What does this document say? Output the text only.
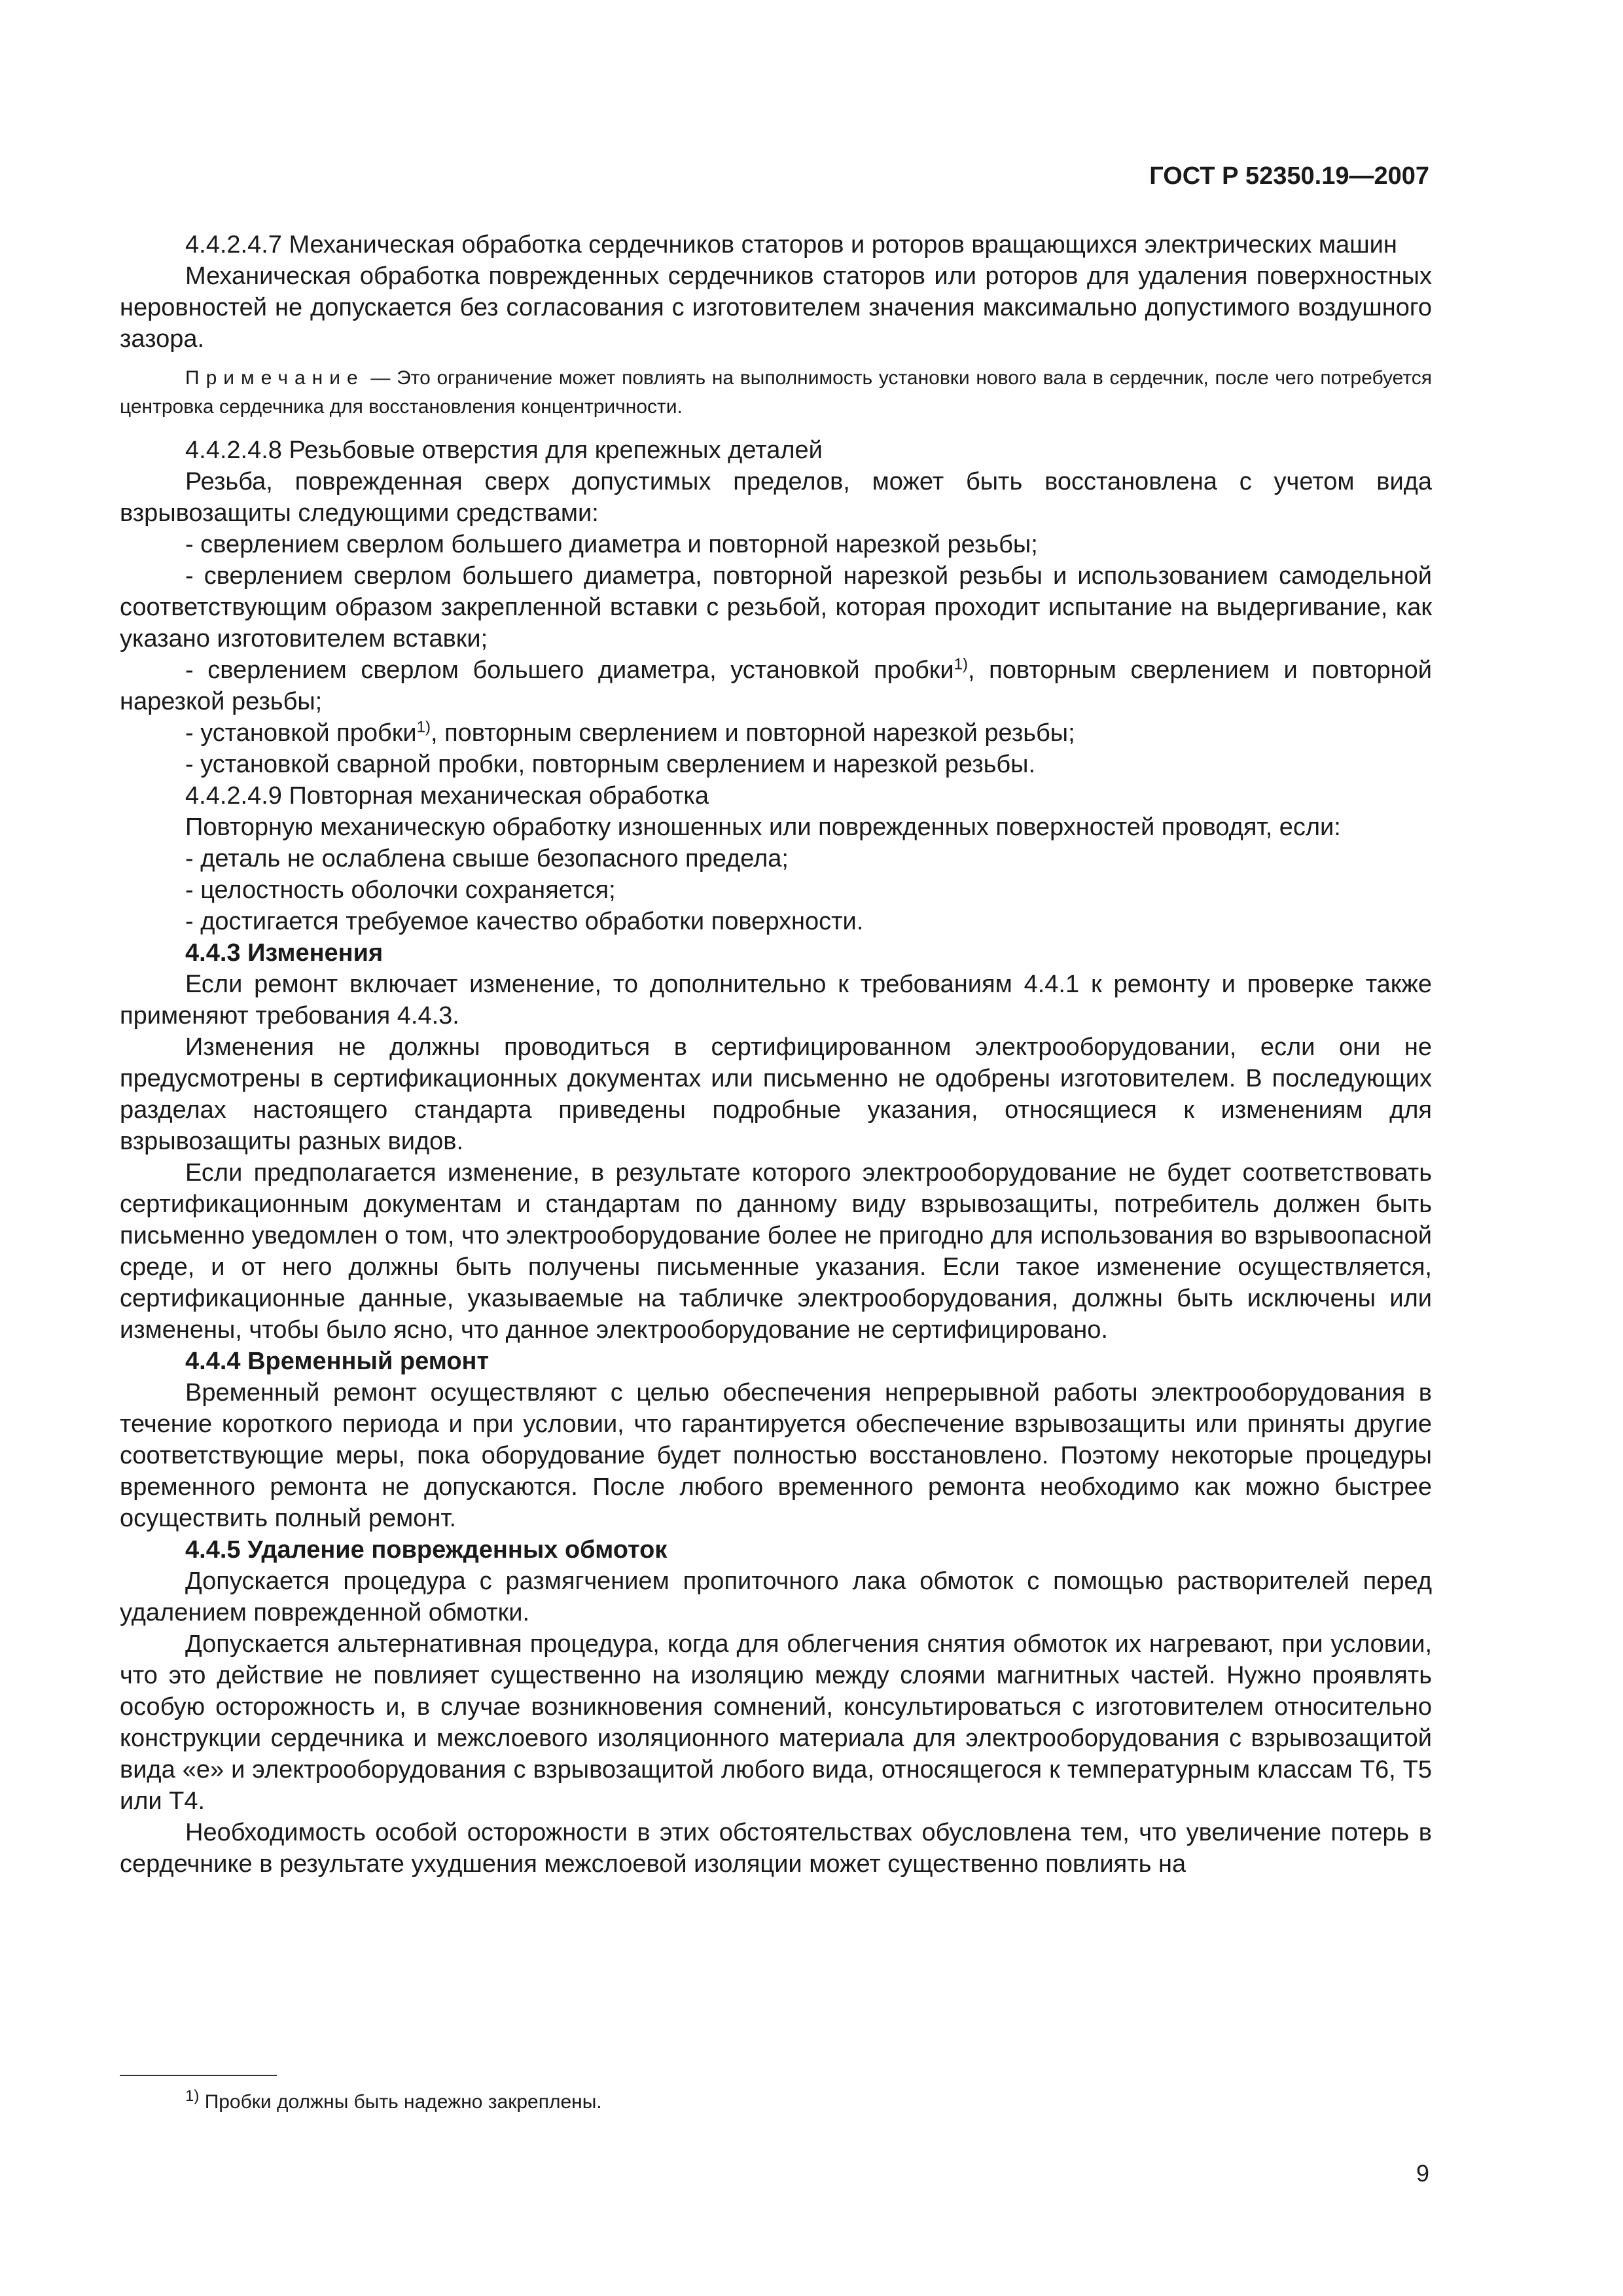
ГОСТ Р 52350.19—2007

4.4.2.4.7 Механическая обработка сердечников статоров и роторов вращающихся электрических машин

Механическая обработка поврежденных сердечников статоров или роторов для удаления поверхностных неровностей не допускается без согласования с изготовителем значения максимально допустимого воздушного зазора.

Примечание — Это ограничение может повлиять на выполнимость установки нового вала в сердечник, после чего потребуется центровка сердечника для восстановления концентричности.

4.4.2.4.8 Резьбовые отверстия для крепежных деталей

Резьба, поврежденная сверх допустимых пределов, может быть восстановлена с учетом вида взрывозащиты следующими средствами:

- сверлением сверлом большего диаметра и повторной нарезкой резьбы;

- сверлением сверлом большего диаметра, повторной нарезкой резьбы и использованием самодельной соответствующим образом закрепленной вставки с резьбой, которая проходит испытание на выдергивание, как указано изготовителем вставки;

- сверлением сверлом большего диаметра, установкой пробки$^{1)}$, повторным сверлением и повторной нарезкой резьбы;

- установкой пробки$^{1)}$, повторным сверлением и повторной нарезкой резьбы;

- установкой сварной пробки, повторным сверлением и нарезкой резьбы.

4.4.2.4.9 Повторная механическая обработка

Повторную механическую обработку изношенных или поврежденных поверхностей проводят, если:

- деталь не ослаблена свыше безопасного предела;

- целостность оболочки сохраняется;

- достигается требуемое качество обработки поверхности.

4.4.3 Изменения

Если ремонт включает изменение, то дополнительно к требованиям 4.4.1 к ремонту и проверке также применяют требования 4.4.3.

Изменения не должны проводиться в сертифицированном электрооборудовании, если они не предусмотрены в сертификационных документах или письменно не одобрены изготовителем. В последующих разделах настоящего стандарта приведены подробные указания, относящиеся к изменениям для взрывозащиты разных видов.

Если предполагается изменение, в результате которого электрооборудование не будет соответствовать сертификационным документам и стандартам по данному виду взрывозащиты, потребитель должен быть письменно уведомлен о том, что электрооборудование более не пригодно для использования во взрывоопасной среде, и от него должны быть получены письменные указания. Если такое изменение осуществляется, сертификационные данные, указываемые на табличке электрооборудования, должны быть исключены или изменены, чтобы было ясно, что данное электрооборудование не сертифицировано.

4.4.4 Временный ремонт

Временный ремонт осуществляют с целью обеспечения непрерывной работы электрооборудования в течение короткого периода и при условии, что гарантируется обеспечение взрывозащиты или приняты другие соответствующие меры, пока оборудование будет полностью восстановлено. Поэтому некоторые процедуры временного ремонта не допускаются. После любого временного ремонта необходимо как можно быстрее осуществить полный ремонт.

4.4.5 Удаление поврежденных обмоток

Допускается процедура с размягчением пропиточного лака обмоток с помощью растворителей перед удалением поврежденной обмотки.

Допускается альтернативная процедура, когда для облегчения снятия обмоток их нагревают, при условии, что это действие не повлияет существенно на изоляцию между слоями магнитных частей. Нужно проявлять особую осторожность и, в случае возникновения сомнений, консультироваться с изготовителем относительно конструкции сердечника и межслоевого изоляционного материала для электрооборудования с взрывозащитой вида «е» и электрооборудования с взрывозащитой любого вида, относящегося к температурным классам Т6, Т5 или Т4.

Необходимость особой осторожности в этих обстоятельствах обусловлена тем, что увеличение потерь в сердечнике в результате ухудшения межслоевой изоляции может существенно повлиять на

$^{1)}$ Пробки должны быть надежно закреплены.
9
